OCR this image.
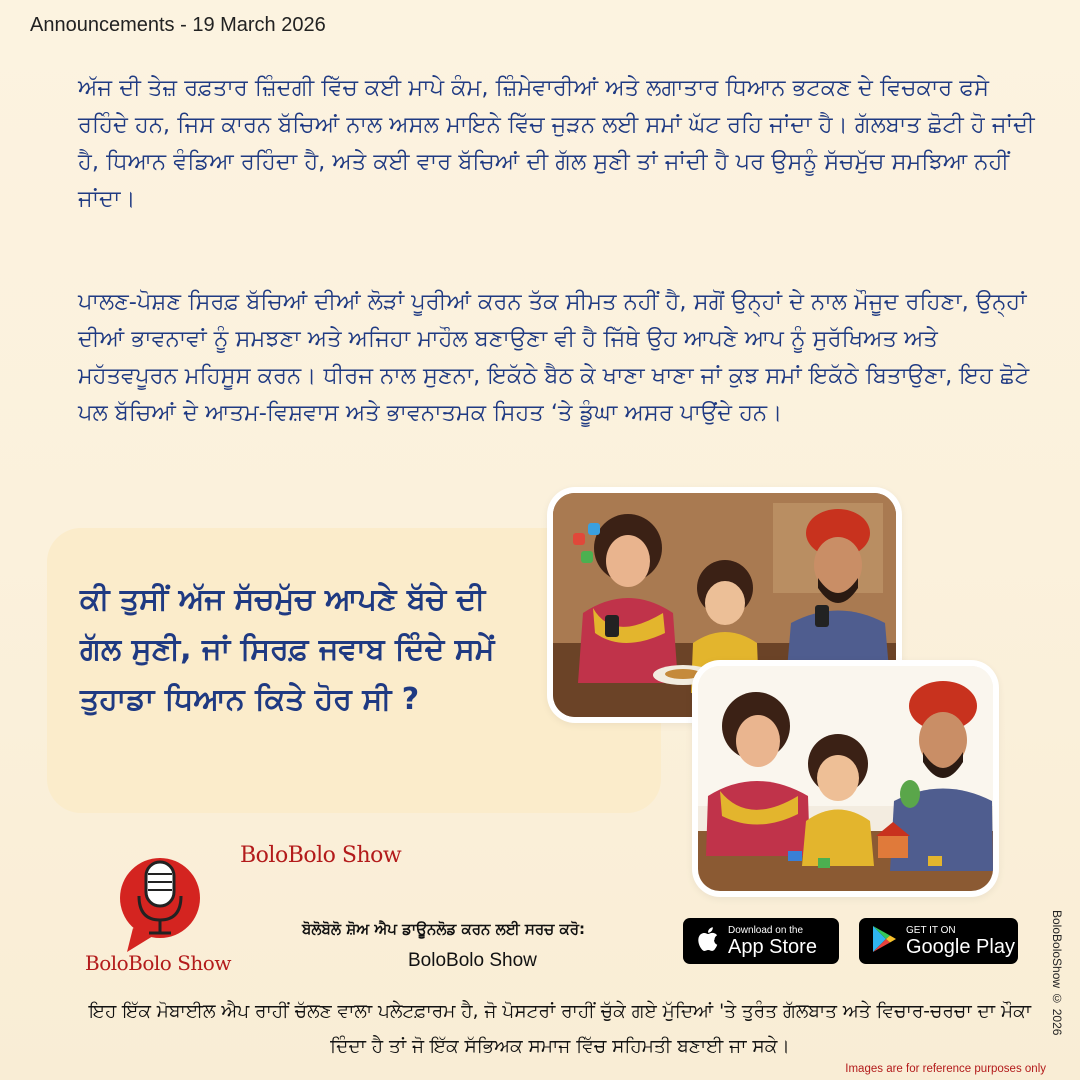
Announcements - 19 March 2026
ਅੱਜ ਦੀ ਤੇਜ਼ ਰਫ਼ਤਾਰ ਜ਼ਿੰਦਗੀ ਵਿੱਚ ਕਈ ਮਾਪੇ ਕੰਮ, ਜ਼ਿੰਮੇਵਾਰੀਆਂ ਅਤੇ ਲਗਾਤਾਰ ਧਿਆਨ ਭਟਕਣ ਦੇ ਵਿਚਕਾਰ ਫਸੇ ਰਹਿੰਦੇ ਹਨ, ਜਿਸ ਕਾਰਨ ਬੱਚਿਆਂ ਨਾਲ ਅਸਲ ਮਾਇਨੇ ਵਿੱਚ ਜੁੜਨ ਲਈ ਸਮਾਂ ਘੱਟ ਰਹਿ ਜਾਂਦਾ ਹੈ। ਗੱਲਬਾਤ ਛੋਟੀ ਹੋ ਜਾਂਦੀ ਹੈ, ਧਿਆਨ ਵੰਡਿਆ ਰਹਿੰਦਾ ਹੈ, ਅਤੇ ਕਈ ਵਾਰ ਬੱਚਿਆਂ ਦੀ ਗੱਲ ਸੁਣੀ ਤਾਂ ਜਾਂਦੀ ਹੈ ਪਰ ਉਸਨੂੰ ਸੱਚਮੁੱਚ ਸਮਝਿਆ ਨਹੀਂ ਜਾਂਦਾ।
ਪਾਲਣ-ਪੋਸ਼ਣ ਸਿਰਫ਼ ਬੱਚਿਆਂ ਦੀਆਂ ਲੋੜਾਂ ਪੂਰੀਆਂ ਕਰਨ ਤੱਕ ਸੀਮਤ ਨਹੀਂ ਹੈ, ਸਗੋਂ ਉਨ੍ਹਾਂ ਦੇ ਨਾਲ ਮੌਜੂਦ ਰਹਿਣਾ, ਉਨ੍ਹਾਂ ਦੀਆਂ ਭਾਵਨਾਵਾਂ ਨੂੰ ਸਮਝਣਾ ਅਤੇ ਅਜਿਹਾ ਮਾਹੌਲ ਬਣਾਉਣਾ ਵੀ ਹੈ ਜਿੱਥੇ ਉਹ ਆਪਣੇ ਆਪ ਨੂੰ ਸੁਰੱਖਿਅਤ ਅਤੇ ਮਹੱਤਵਪੂਰਨ ਮਹਿਸੂਸ ਕਰਨ। ਧੀਰਜ ਨਾਲ ਸੁਣਨਾ, ਇਕੱਠੇ ਬੈਠ ਕੇ ਖਾਣਾ ਖਾਣਾ ਜਾਂ ਕੁਝ ਸਮਾਂ ਇਕੱਠੇ ਬਿਤਾਉਣਾ, ਇਹ ਛੋਟੇ ਪਲ ਬੱਚਿਆਂ ਦੇ ਆਤਮ-ਵਿਸ਼ਵਾਸ ਅਤੇ ਭਾਵਨਾਤਮਕ ਸਿਹਤ ‘ਤੇ ਡੂੰਘਾ ਅਸਰ ਪਾਉਂਦੇ ਹਨ।
ਕੀ ਤੁਸੀਂ ਅੱਜ ਸੱਚਮੁੱਚ ਆਪਣੇ ਬੱਚੇ ਦੀ ਗੱਲ ਸੁਣੀ, ਜਾਂ ਸਿਰਫ਼ ਜਵਾਬ ਦਿੰਦੇ ਸਮੇਂ ਤੁਹਾਡਾ ਧਿਆਨ ਕਿਤੇ ਹੋਰ ਸੀ ?
BoloBolo Show
BoloBolo Show
ਬੋਲੋਬੋਲੋ ਸ਼ੋਅ ਐਪ ਡਾਊਨਲੋਡ ਕਰਨ ਲਈ ਸਰਚ ਕਰੋ:
BoloBolo Show
Download on the
App Store
GET IT ON
Google Play
ਇਹ ਇੱਕ ਮੋਬਾਈਲ ਐਪ ਰਾਹੀਂ ਚੱਲਣ ਵਾਲਾ ਪਲੇਟਫ਼ਾਰਮ ਹੈ, ਜੋ ਪੋਸਟਰਾਂ ਰਾਹੀਂ ਚੁੱਕੇ ਗਏ ਮੁੱਦਿਆਂ 'ਤੇ ਤੁਰੰਤ ਗੱਲਬਾਤ ਅਤੇ ਵਿਚਾਰ-ਚਰਚਾ ਦਾ ਮੌਕਾ ਦਿੰਦਾ ਹੈ ਤਾਂ ਜੋ ਇੱਕ ਸੱਭਿਅਕ ਸਮਾਜ ਵਿੱਚ ਸਹਿਮਤੀ ਬਣਾਈ ਜਾ ਸਕੇ।
BoloBoloShow © 2026
Images are for reference purposes only
